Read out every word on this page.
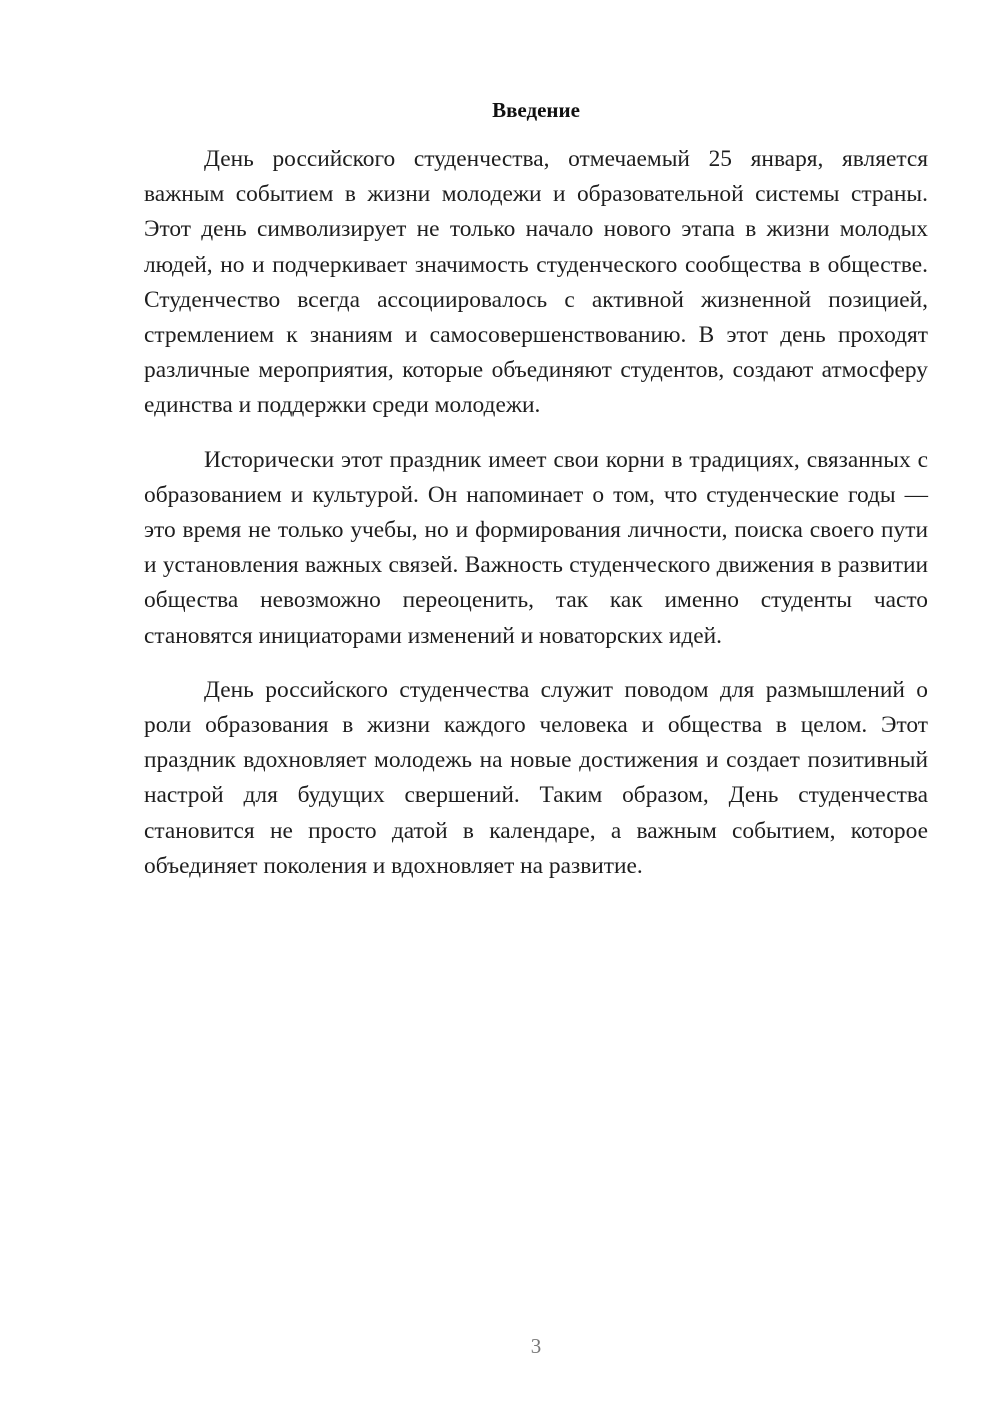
Введение

День российского студенчества, отмечаемый 25 января, является важным событием в жизни молодежи и образовательной системы страны. Этот день символизирует не только начало нового этапа в жизни молодых людей, но и подчеркивает значимость студенческого сообщества в обществе. Студенчество всегда ассоциировалось с активной жизненной позицией, стремлением к знаниям и самосовершенствованию. В этот день проходят различные мероприятия, которые объединяют студентов, создают атмосферу единства и поддержки среди молодежи.

Исторически этот праздник имеет свои корни в традициях, связанных с образованием и культурой. Он напоминает о том, что студенческие годы — это время не только учебы, но и формирования личности, поиска своего пути и установления важных связей. Важность студенческого движения в развитии общества невозможно переоценить, так как именно студенты часто становятся инициаторами изменений и новаторских идей.

День российского студенчества служит поводом для размышлений о роли образования в жизни каждого человека и общества в целом. Этот праздник вдохновляет молодежь на новые достижения и создает позитивный настрой для будущих свершений. Таким образом, День студенчества становится не просто датой в календаре, а важным событием, которое объединяет поколения и вдохновляет на развитие.

3
